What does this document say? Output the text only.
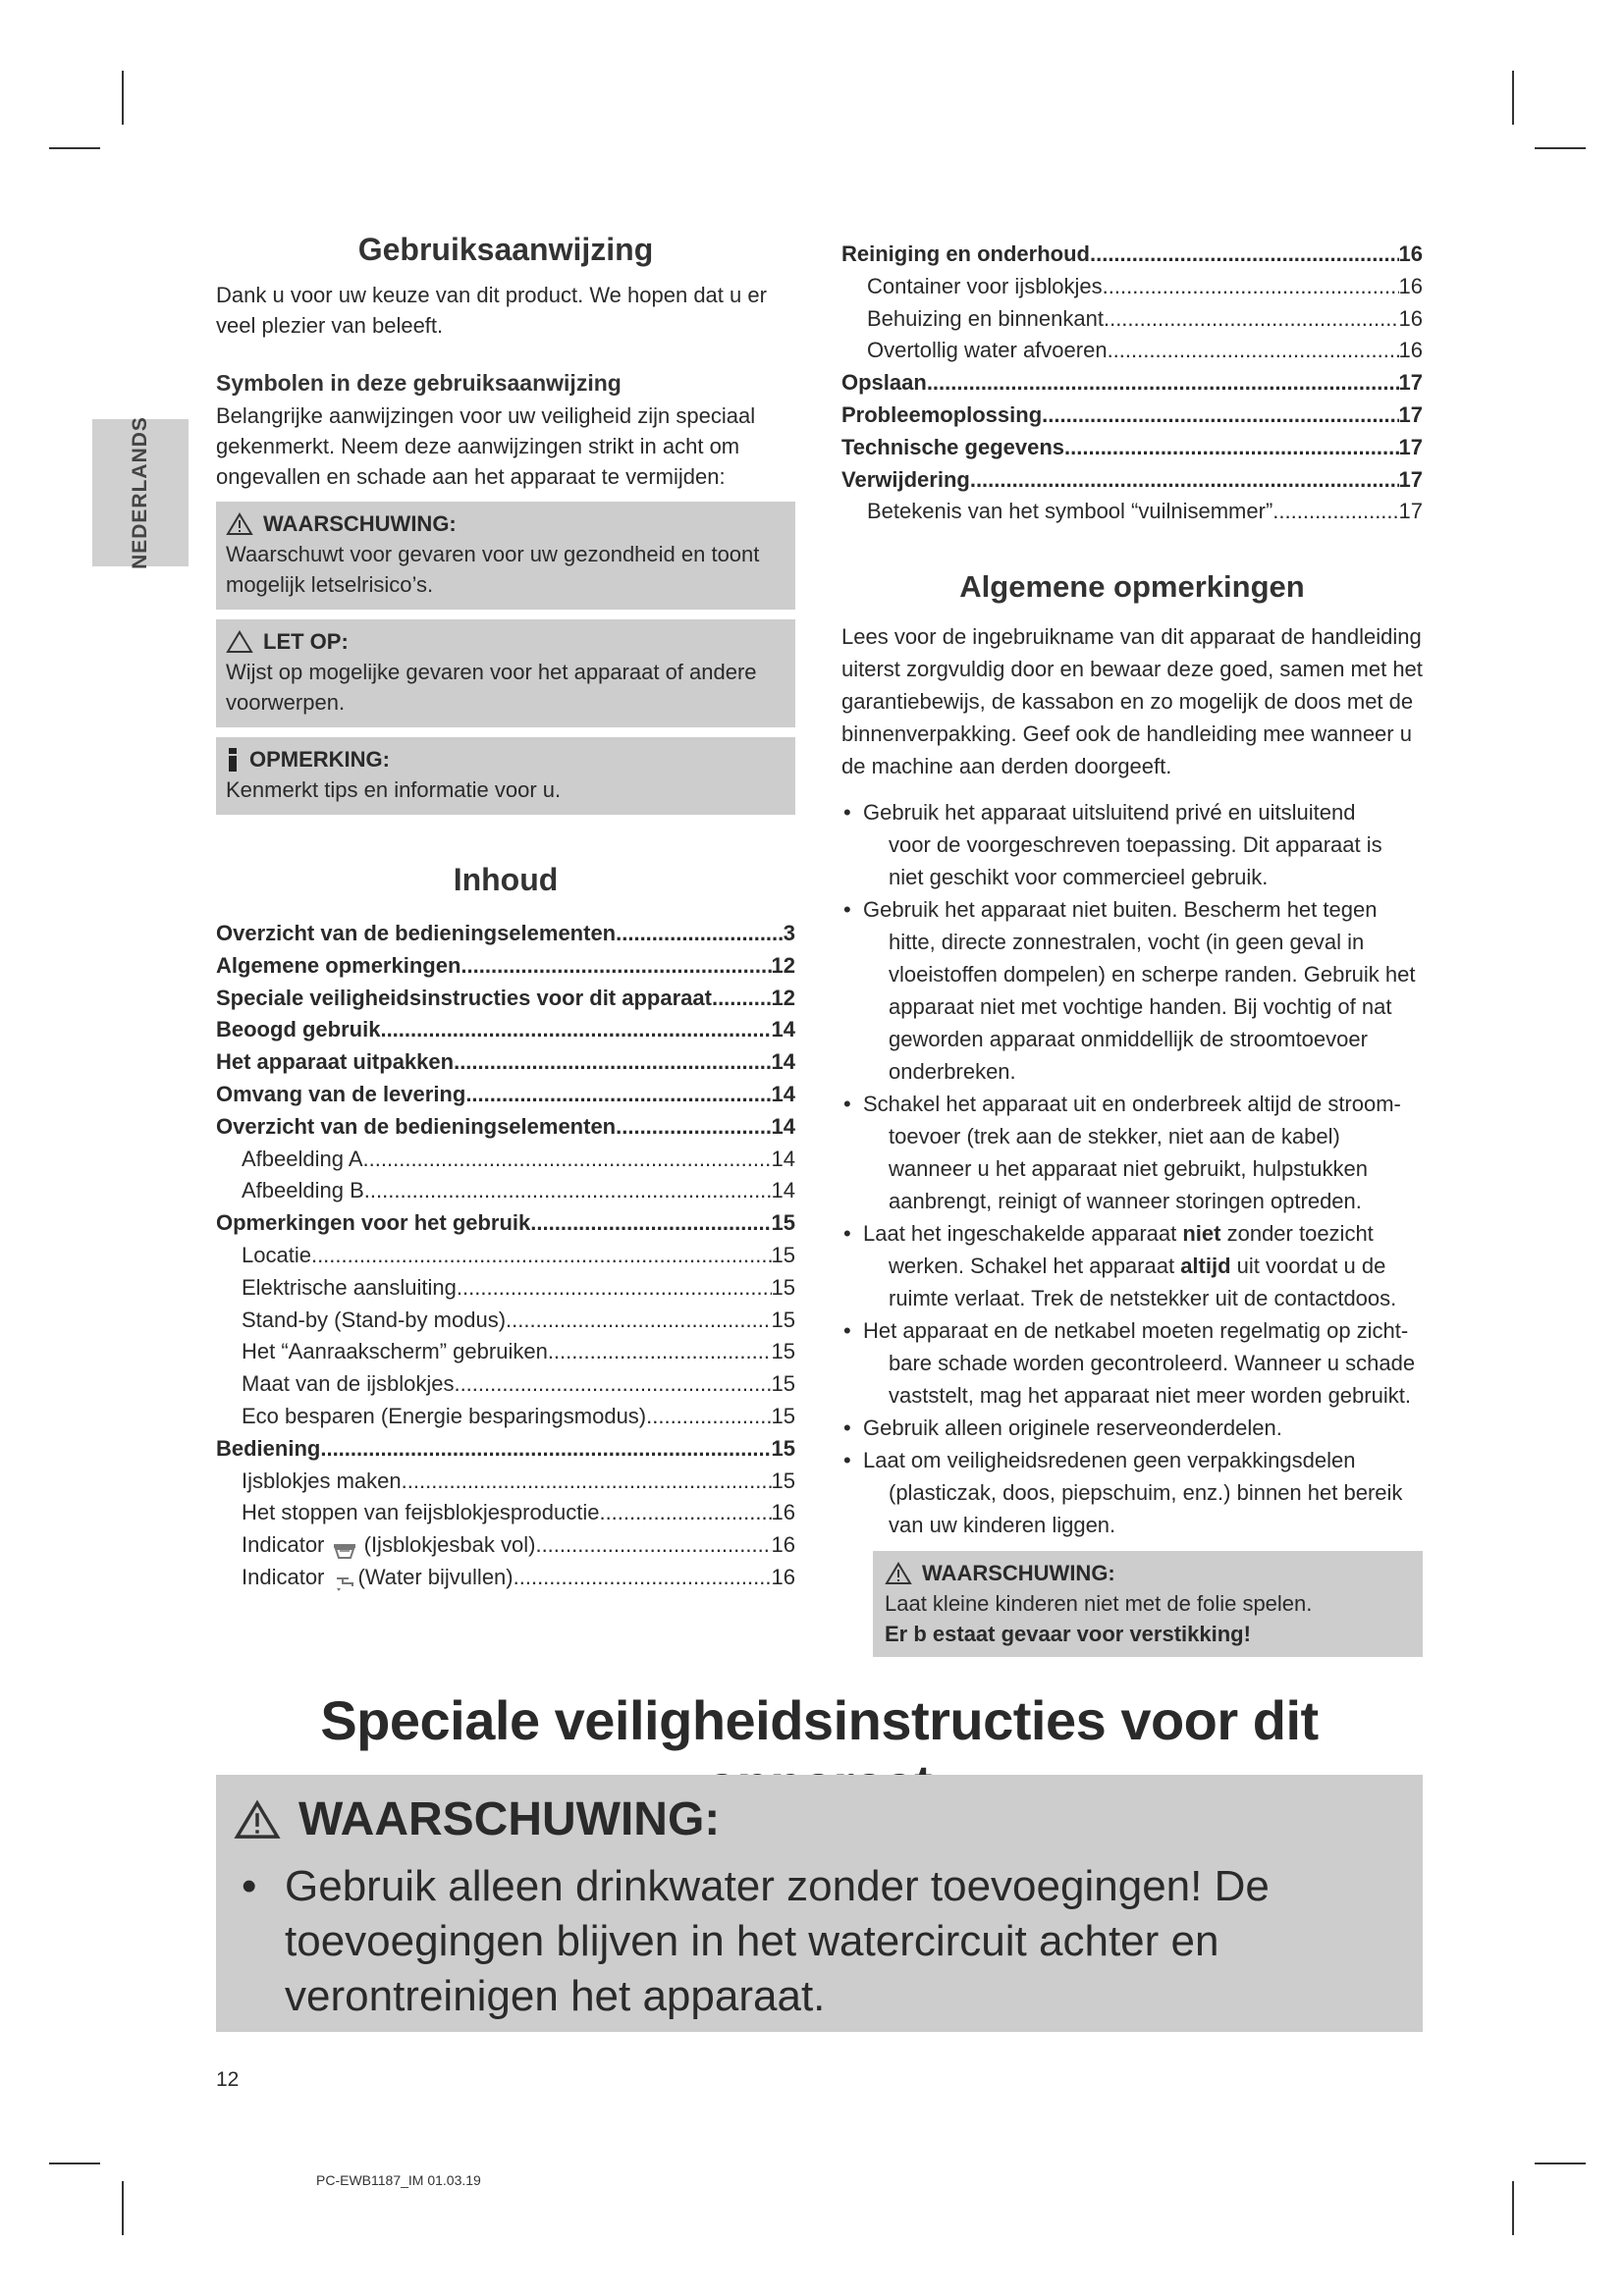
NEDERLANDS
Gebruiksaanwijzing

Dank u voor uw keuze van dit product. We hopen dat u er veel plezier van beleeft.

Symbolen in deze gebruiksaanwijzing

Belangrijke aanwijzingen voor uw veiligheid zijn speciaal gekenmerkt. Neem deze aanwijzingen strikt in acht om ongevallen en schade aan het apparaat te vermijden:

WAARSCHUWING:
Waarschuwt voor gevaren voor uw gezondheid en toont mogelijk letselrisico’s.
LET OP:
Wijst op mogelijke gevaren voor het apparaat of andere voorwerpen.
OPMERKING:
Kenmerkt tips en informatie voor u.
Inhoud
Overzicht van de bedieningselementen .....	3
Algemene opmerkingen .....	12
Speciale veiligheidsinstructies voor dit apparaat .....	12
Beoogd gebruik .....	14
Het apparaat uitpakken .....	14
Omvang van de levering .....	14
Overzicht van de bedieningselementen .....	14
Afbeelding A .....	14
Afbeelding B .....	14
Opmerkingen voor het gebruik .....	15
Locatie .....	15
Elektrische aansluiting .....	15
Stand-by (Stand-by modus) .....	15
Het “Aanraakscherm” gebruiken .....	15
Maat van de ijsblokjes .....	15
Eco besparen (Energie besparingsmodus) .....	15
Bediening .....	15
Ijsblokjes maken .....	15
Het stoppen van feijsblokjesproductie .....	16
Indicator  (Ijsblokjesbak vol) .....	16
Indicator (Water bijvullen) .....	16
Reiniging en onderhoud .....	16
Container voor ijsblokjes .....	16
Behuizing en binnenkant .....	16
Overtollig water afvoeren .....	16
Opslaan .....	17
Probleemoplossing .....	17
Technische gegevens .....	17
Verwijdering .....	17
Betekenis van het symbool “vuilnisemmer” .....	17
Algemene opmerkingen

Lees voor de ingebruikname van dit apparaat de handleiding uiterst zorgvuldig door en bewaar deze goed, samen met het garantiebewijs, de kassabon en zo mogelijk de doos met de binnenverpakking. Geef ook de handleiding mee wanneer u de machine aan derden doorgeeft.

• Gebruik het apparaat uitsluitend privé en uitsluitend
voor de voorgeschreven toepassing. Dit apparaat is niet geschikt voor commercieel gebruik.
• Gebruik het apparaat niet buiten. Bescherm het tegen
hitte, directe zonnestralen, vocht (in geen geval in vloeistoffen dompelen) en scherpe randen. Gebruik het apparaat niet met vochtige handen. Bij vochtig of nat geworden apparaat onmiddellijk de stroomtoevoer onderbreken.
• Schakel het apparaat uit en onderbreek altijd de stroom-
toevoer (trek aan de stekker, niet aan de kabel) wanneer u het apparaat niet gebruikt, hulpstukken aanbrengt, reinigt of wanneer storingen optreden.
• Laat het ingeschakelde apparaat niet zonder toezicht
werken. Schakel het apparaat altijd uit voordat u de ruimte verlaat. Trek de netstekker uit de contactdoos.
• Het apparaat en de netkabel moeten regelmatig op zicht-
bare schade worden gecontroleerd. Wanneer u schade vaststelt, mag het apparaat niet meer worden gebruikt.
• Gebruik alleen originele reserveonderdelen.
• Laat om veiligheidsredenen geen verpakkingsdelen
(plasticzak, doos, piepschuim, enz.) binnen het bereik van uw kinderen liggen.
WAARSCHUWING:
Laat kleine kinderen niet met de folie spelen.
Er b estaat gevaar voor verstikking!
Speciale veiligheidsinstructies voor dit
WAARSCHUWING:
• Gebruik alleen drinkwater zonder toevoegingen! De toevoegingen blijven in het watercircuit achter en verontreinigen het apparaat.
12
PC-EWB1187_IM 01.03.19
